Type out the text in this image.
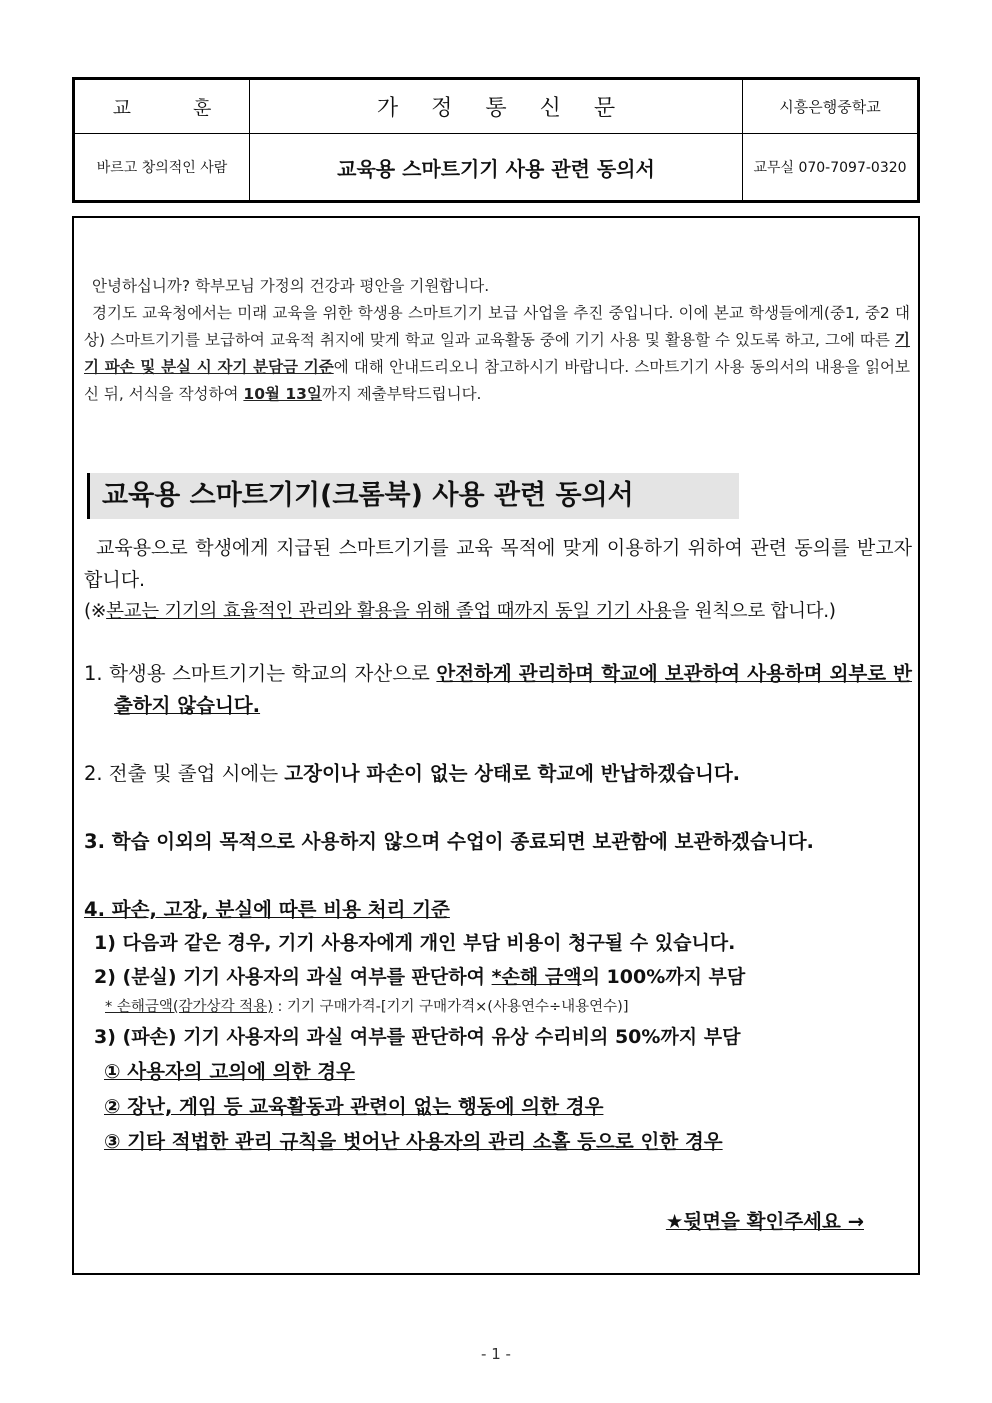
교 훈	가 정 통 신 문	시흥은행중학교
바르고 창의적인 사람	교육용 스마트기기 사용 관련 동의서	교무실 070-7097-0320

안녕하십니까? 학부모님 가정의 건강과 평안을 기원합니다.

경기도 교육청에서는 미래 교육을 위한 학생용 스마트기기 보급 사업을 추진 중입니다. 이에 본교 학생들에게(중1, 중2 대상) 스마트기기를 보급하여 교육적 취지에 맞게 학교 일과 교육활동 중에 기기 사용 및 활용할 수 있도록 하고, 그에 따른 기기 파손 및 분실 시 자기 분담금 기준에 대해 안내드리오니 참고하시기 바랍니다. 스마트기기 사용 동의서의 내용을 읽어보신 뒤, 서식을 작성하여 10월 13일까지 제출부탁드립니다.

교육용 스마트기기(크롬북) 사용 관련 동의서

교육용으로 학생에게 지급된 스마트기기를 교육 목적에 맞게 이용하기 위하여 관련 동의를 받고자 합니다.

(※본교는 기기의 효율적인 관리와 활용을 위해 졸업 때까지 동일 기기 사용을 원칙으로 합니다.)

1. 학생용 스마트기기는 학교의 자산으로 안전하게 관리하며 학교에 보관하여 사용하며 외부로 반출하지 않습니다.

2. 전출 및 졸업 시에는 고장이나 파손이 없는 상태로 학교에 반납하겠습니다.

3. 학습 이외의 목적으로 사용하지 않으며 수업이 종료되면 보관함에 보관하겠습니다.

4. 파손, 고장, 분실에 따른 비용 처리 기준

1) 다음과 같은 경우, 기기 사용자에게 개인 부담 비용이 청구될 수 있습니다.

2) (분실) 기기 사용자의 과실 여부를 판단하여 *손해 금액의 100%까지 부담

* 손해금액(감가상각 적용) : 기기 구매가격-[기기 구매가격×(사용연수÷내용연수)]

3) (파손) 기기 사용자의 과실 여부를 판단하여 유상 수리비의 50%까지 부담

① 사용자의 고의에 의한 경우

② 장난, 게임 등 교육활동과 관련이 없는 행동에 의한 경우

③ 기타 적법한 관리 규칙을 벗어난 사용자의 관리 소홀 등으로 인한 경우

★뒷면을 확인주세요 →
- 1 -
